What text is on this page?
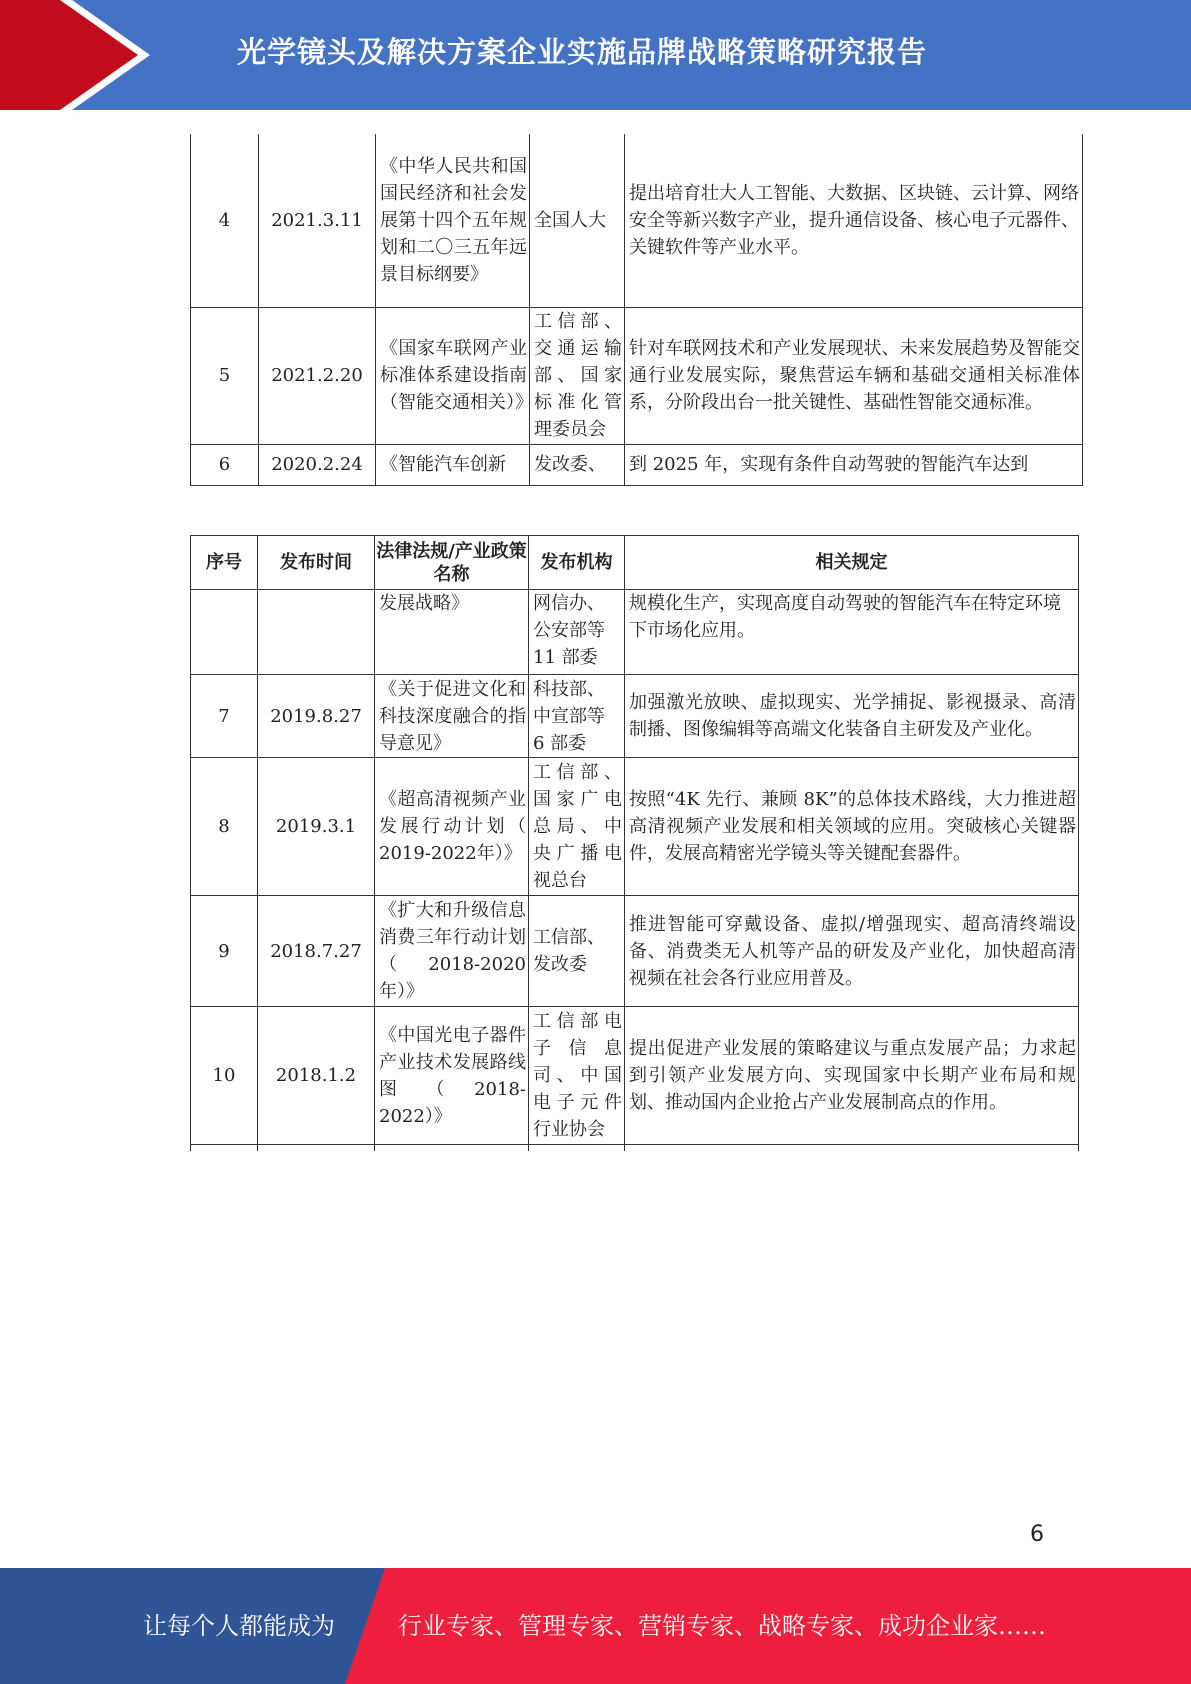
光学镜头及解决方案企业实施品牌战略策略研究报告
4	2021.3.11	《中华人民共和国国民经济和社会发展第十四个五年规划和二〇三五年远景目标纲要》	全国人大	提出培育壮大人工智能、大数据、区块链、云计算、网络安全等新兴数字产业，提升通信设备、核心电子元器件、关键软件等产业水平。
5	2021.2.20	《国家车联网产业标准体系建设指南（智能交通相关）》	工信部、交通运输部、国家标准化管理委员会	针对车联网技术和产业发展现状、未来发展趋势及智能交通行业发展实际，聚焦营运车辆和基础交通相关标准体系，分阶段出台一批关键性、基础性智能交通标准。
6	2020.2.24	《智能汽车创新	发改委、	到 2025 年，实现有条件自动驾驶的智能汽车达到
序号	发布时间	法律法规/产业政策名称	发布机构	相关规定
		发展战略》	网信办、公安部等 11 部委	规模化生产，实现高度自动驾驶的智能汽车在特定环境下市场化应用。
7	2019.8.27	《关于促进文化和科技深度融合的指导意见》	科技部、中宣部等 6 部委	加强激光放映、虚拟现实、光学捕捉、影视摄录、高清制播、图像编辑等高端文化装备自主研发及产业化。
8	2019.3.1	《超高清视频产业发展行动计划（ 2019-2022年）》	工信部、国家广电总局、中央广播电视总台	按照“4K 先行、兼顾 8K”的总体技术路线，大力推进超高清视频产业发展和相关领域的应用。突破核心关键器件，发展高精密光学镜头等关键配套器件。
9	2018.7.27	《扩大和升级信息消费三年行动计划（2018-2020年）》	工信部、发改委	推进智能可穿戴设备、虚拟/增强现实、超高清终端设备、消费类无人机等产品的研发及产业化，加快超高清视频在社会各行业应用普及。
10	2018.1.2	《中国光电子器件产业技术发展路线图（2018-2022）》	工信部电子信息司、中国电子元件行业协会	提出促进产业发展的策略建议与重点发展产品；力求起到引领产业发展方向、实现国家中长期产业布局和规划、推动国内企业抢占产业发展制高点的作用。

6
让每个人都能成为	行业专家、管理专家、营销专家、战略专家、成功企业家……
